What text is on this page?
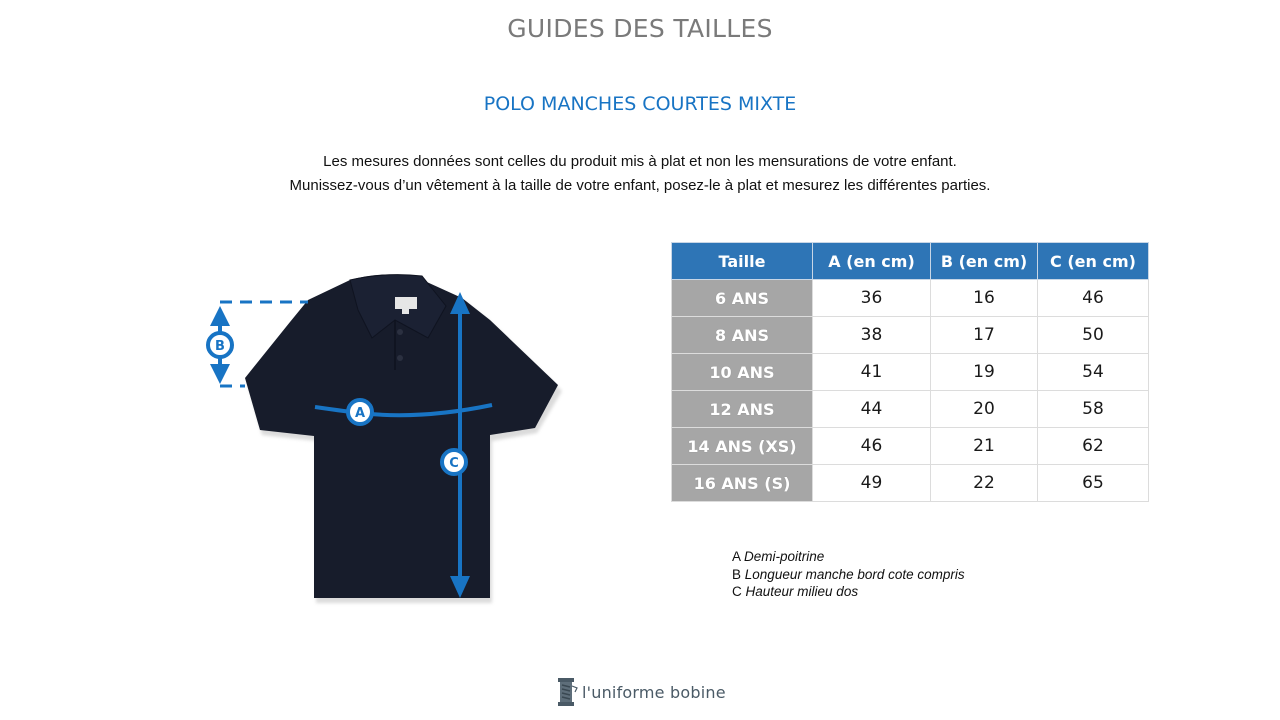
GUIDES DES TAILLES
POLO MANCHES COURTES MIXTE
Les mesures données sont celles du produit mis à plat et non les mensurations de votre enfant.
Munissez-vous d’un vêtement à la taille de votre enfant, posez-le à plat et mesurez les différentes parties.
B
A
C
Taille	A (en cm)	B (en cm)	C (en cm)
6 ANS	36	16	46
8 ANS	38	17	50
10 ANS	41	19	54
12 ANS	44	20	58
14 ANS (XS)	46	21	62
16 ANS (S)	49	22	65
A Demi-poitrine
B Longueur manche bord cote compris
C Hauteur milieu dos
l'uniforme bobine
